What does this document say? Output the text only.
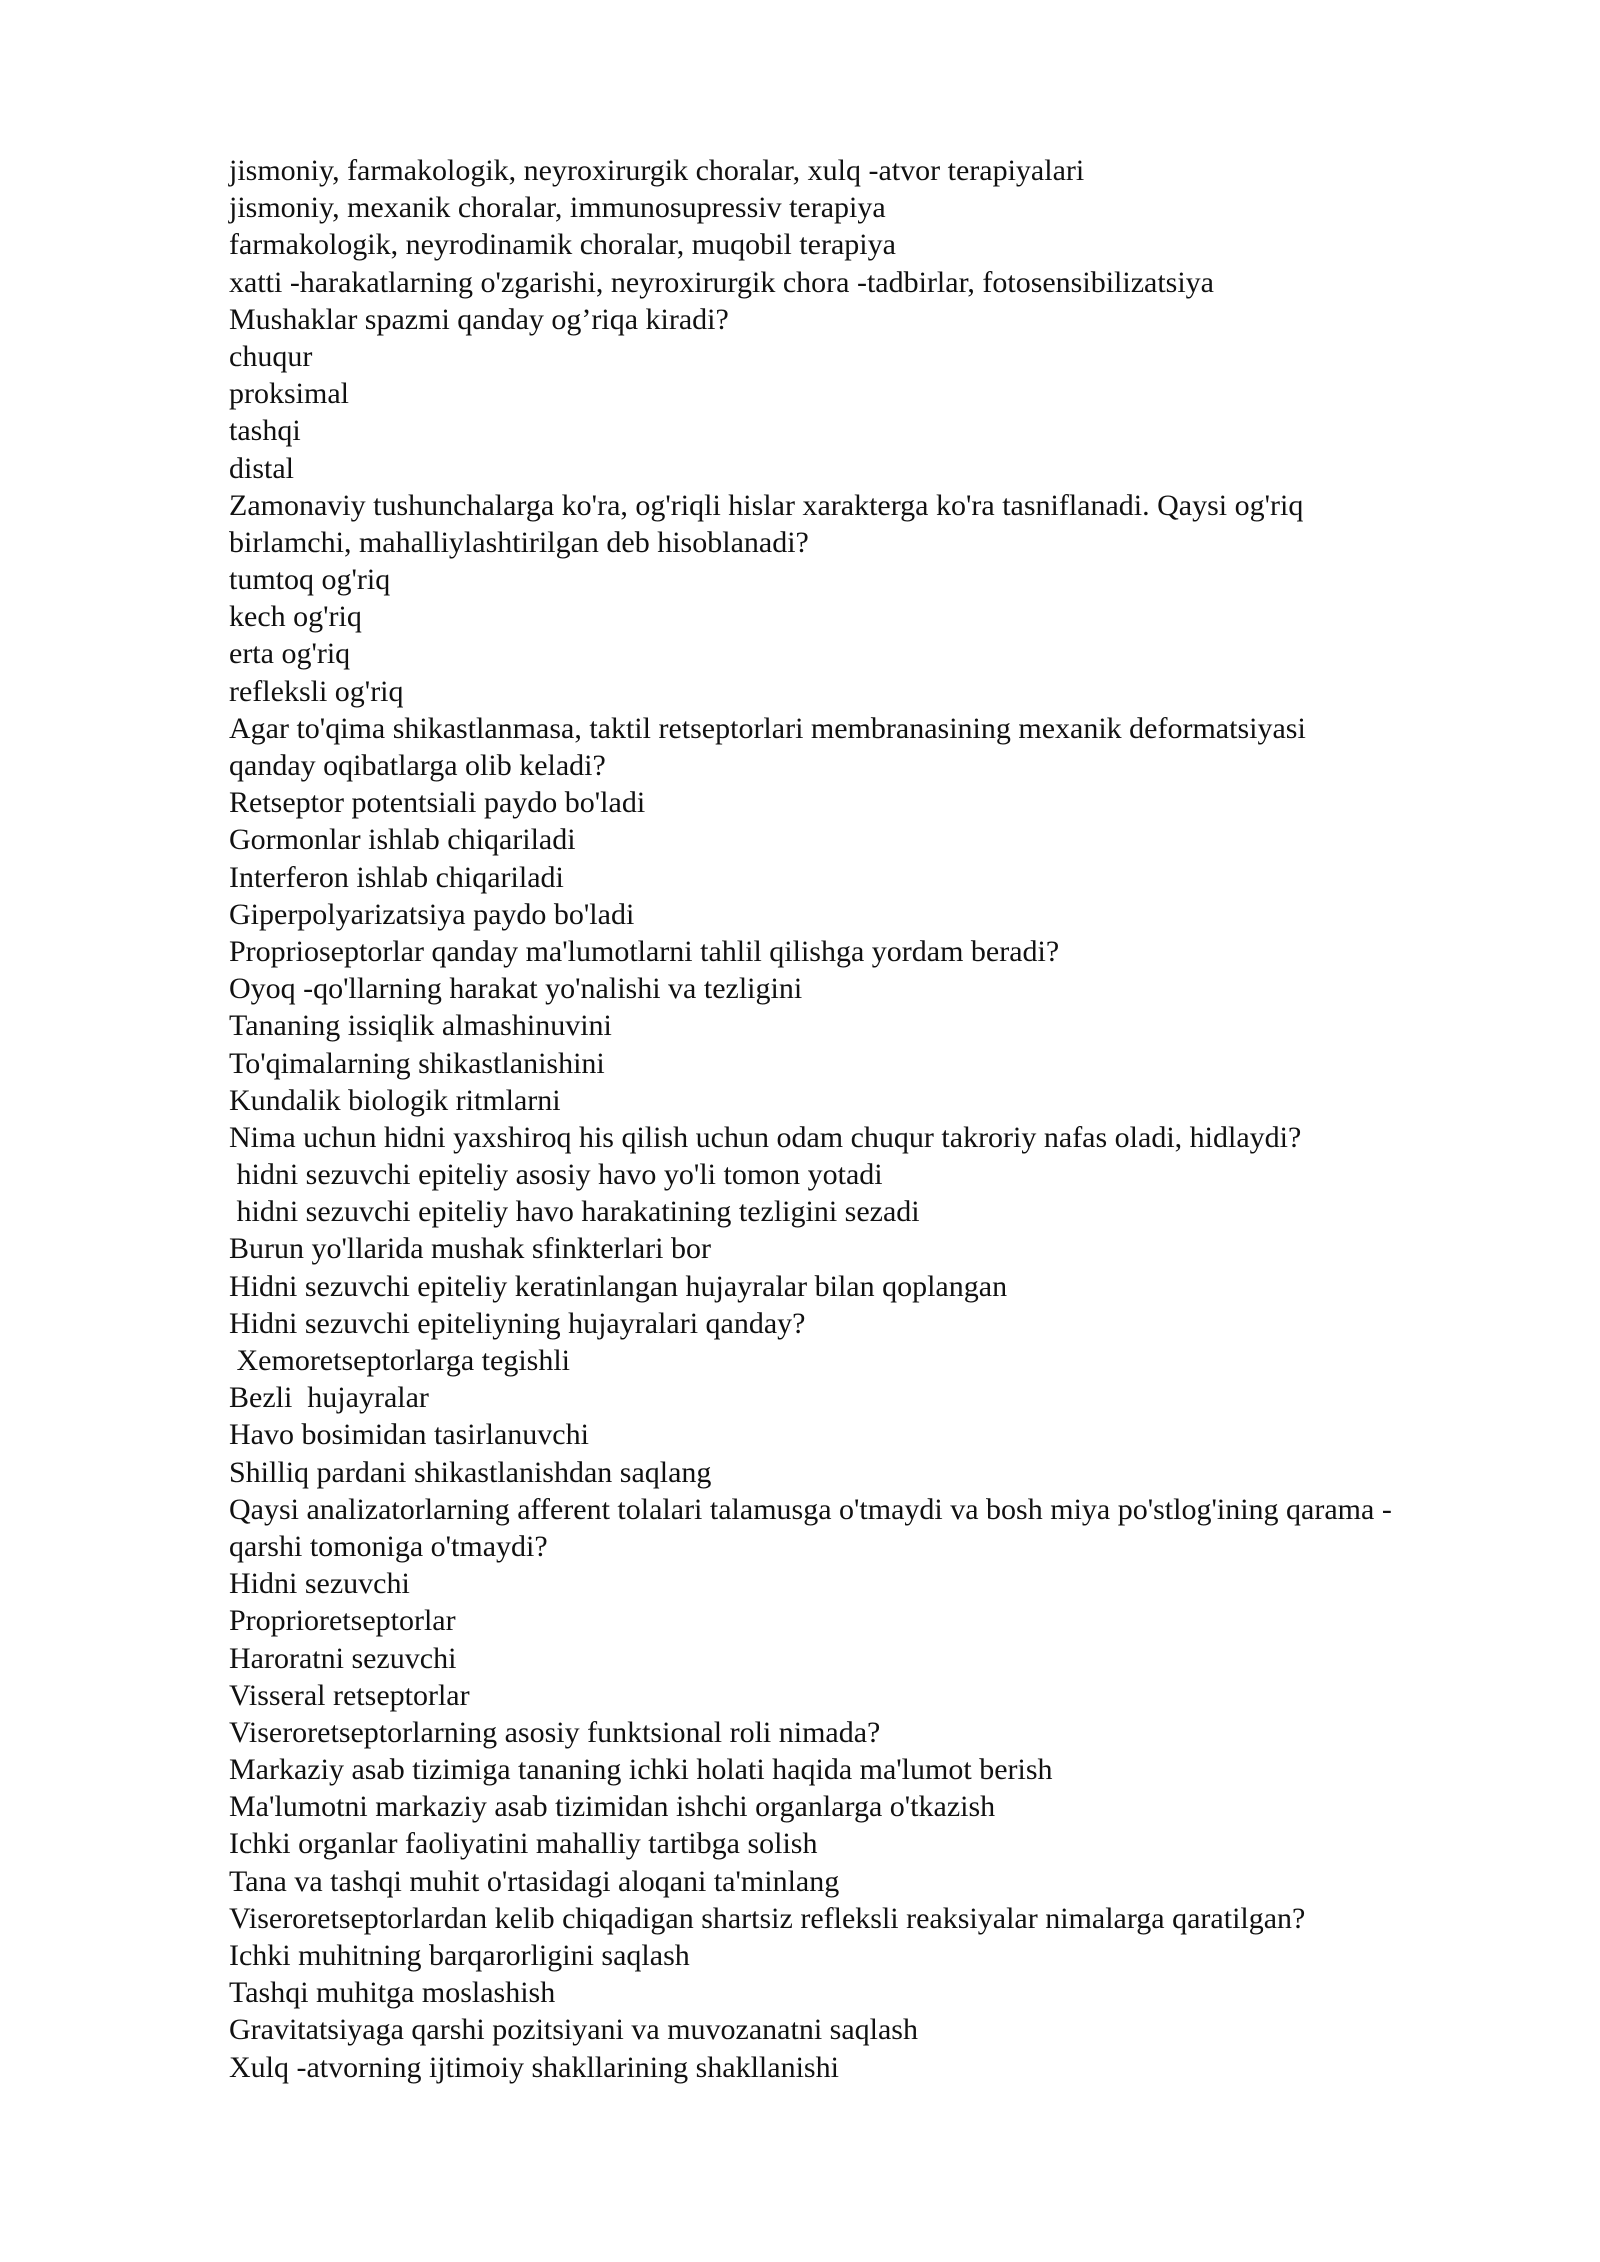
jismoniy, farmakologik, neyroxirurgik choralar, xulq -atvor terapiyalari
jismoniy, mexanik choralar, immunosupressiv terapiya
farmakologik, neyrodinamik choralar, muqobil terapiya
xatti -harakatlarning o'zgarishi, neyroxirurgik chora -tadbirlar, fotosensibilizatsiya
Mushaklar spazmi qanday og’riqa kiradi?
chuqur
proksimal
tashqi
distal
Zamonaviy tushunchalarga ko'ra, og'riqli hislar xarakterga ko'ra tasniflanadi. Qaysi og'riq
birlamchi, mahalliylashtirilgan deb hisoblanadi?
tumtoq og'riq
kech og'riq
erta og'riq
refleksli og'riq
Agar to'qima shikastlanmasa, taktil retseptorlari membranasining mexanik deformatsiyasi
qanday oqibatlarga olib keladi?
Retseptor potentsiali paydo bo'ladi
Gormonlar ishlab chiqariladi
Interferon ishlab chiqariladi
Giperpolyarizatsiya paydo bo'ladi
Proprioseptorlar qanday ma'lumotlarni tahlil qilishga yordam beradi?
Oyoq -qo'llarning harakat yo'nalishi va tezligini
Tananing issiqlik almashinuvini
To'qimalarning shikastlanishini
Kundalik biologik ritmlarni
Nima uchun hidni yaxshiroq his qilish uchun odam chuqur takroriy nafas oladi, hidlaydi?
hidni sezuvchi epiteliy asosiy havo yo'li tomon yotadi
hidni sezuvchi epiteliy havo harakatining tezligini sezadi
Burun yo'llarida mushak sfinkterlari bor
Hidni sezuvchi epiteliy keratinlangan hujayralar bilan qoplangan
Hidni sezuvchi epiteliyning hujayralari qanday?
Xemoretseptorlarga tegishli
Bezli  hujayralar
Havo bosimidan tasirlanuvchi
Shilliq pardani shikastlanishdan saqlang
Qaysi analizatorlarning afferent tolalari talamusga o'tmaydi va bosh miya po'stlog'ining qarama -
qarshi tomoniga o'tmaydi?
Hidni sezuvchi
Proprioretseptorlar
Haroratni sezuvchi
Visseral retseptorlar
Viseroretseptorlarning asosiy funktsional roli nimada?
Markaziy asab tizimiga tananing ichki holati haqida ma'lumot berish
Ma'lumotni markaziy asab tizimidan ishchi organlarga o'tkazish
Ichki organlar faoliyatini mahalliy tartibga solish
Tana va tashqi muhit o'rtasidagi aloqani ta'minlang
Viseroretseptorlardan kelib chiqadigan shartsiz refleksli reaksiyalar nimalarga qaratilgan?
Ichki muhitning barqarorligini saqlash
Tashqi muhitga moslashish
Gravitatsiyaga qarshi pozitsiyani va muvozanatni saqlash
Xulq -atvorning ijtimoiy shakllarining shakllanishi
